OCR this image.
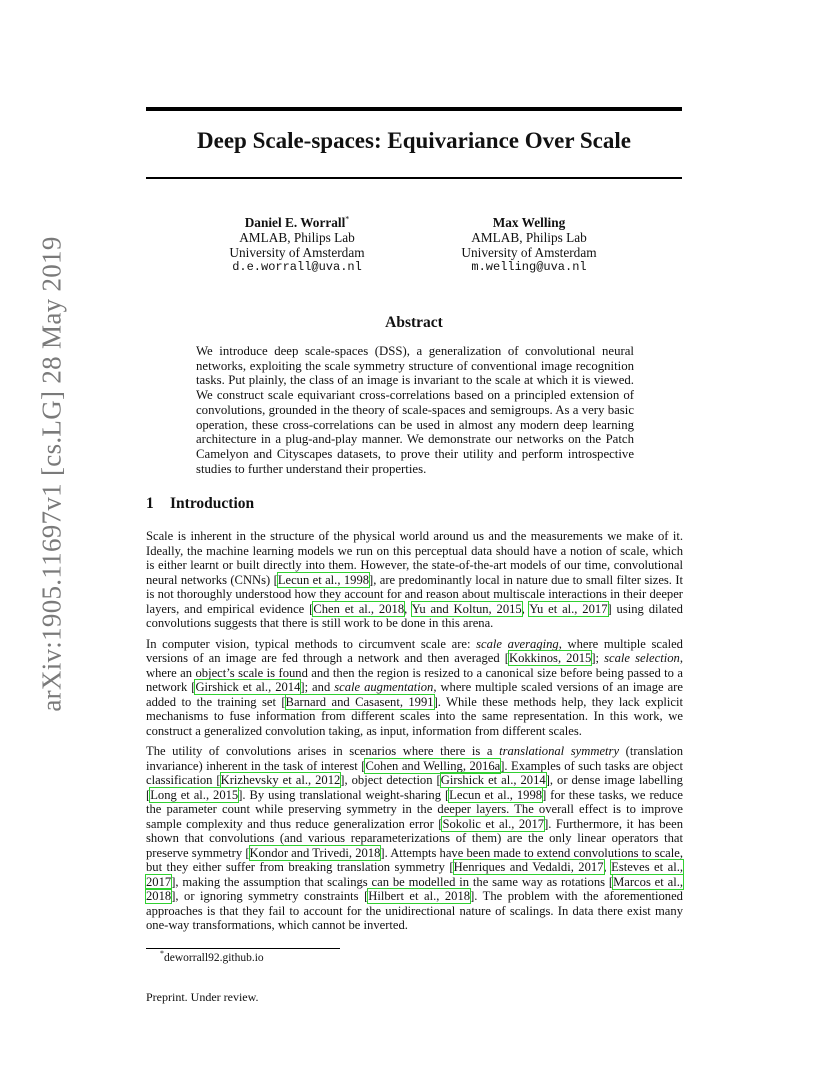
Deep Scale-spaces: Equivariance Over Scale
arXiv:1905.11697v1 [cs.LG] 28 May 2019
Daniel E. Worrall*
AMLAB, Philips Lab
University of Amsterdam
d.e.worrall@uva.nl
Max Welling
AMLAB, Philips Lab
University of Amsterdam
m.welling@uva.nl
Abstract
We introduce deep scale-spaces (DSS), a generalization of convolutional neural networks, exploiting the scale symmetry structure of conventional image recognition tasks. Put plainly, the class of an image is invariant to the scale at which it is viewed. We construct scale equivariant cross-correlations based on a principled extension of convolutions, grounded in the theory of scale-spaces and semigroups. As a very basic operation, these cross-correlations can be used in almost any modern deep learning architecture in a plug-and-play manner. We demonstrate our networks on the Patch Camelyon and Cityscapes datasets, to prove their utility and perform introspective studies to further understand their properties.
1 Introduction

Scale is inherent in the structure of the physical world around us and the measurements we make of it. Ideally, the machine learning models we run on this perceptual data should have a notion of scale, which is either learnt or built directly into them. However, the state-of-the-art models of our time, convolutional neural networks (CNNs) [Lecun et al., 1998], are predominantly local in nature due to small filter sizes. It is not thoroughly understood how they account for and reason about multiscale interactions in their deeper layers, and empirical evidence [Chen et al., 2018, Yu and Koltun, 2015, Yu et al., 2017] using dilated convolutions suggests that there is still work to be done in this arena.

In computer vision, typical methods to circumvent scale are: scale averaging, where multiple scaled versions of an image are fed through a network and then averaged [Kokkinos, 2015]; scale selection, where an object’s scale is found and then the region is resized to a canonical size before being passed to a network [Girshick et al., 2014]; and scale augmentation, where multiple scaled versions of an image are added to the training set [Barnard and Casasent, 1991]. While these methods help, they lack explicit mechanisms to fuse information from different scales into the same representation. In this work, we construct a generalized convolution taking, as input, information from different scales.

The utility of convolutions arises in scenarios where there is a translational symmetry (translation invariance) inherent in the task of interest [Cohen and Welling, 2016a]. Examples of such tasks are object classification [Krizhevsky et al., 2012], object detection [Girshick et al., 2014], or dense image labelling [Long et al., 2015]. By using translational weight-sharing [Lecun et al., 1998] for these tasks, we reduce the parameter count while preserving symmetry in the deeper layers. The overall effect is to improve sample complexity and thus reduce generalization error [Sokolic et al., 2017]. Furthermore, it has been shown that convolutions (and various reparameterizations of them) are the only linear operators that preserve symmetry [Kondor and Trivedi, 2018]. Attempts have been made to extend convolutions to scale, but they either suffer from breaking translation symmetry [Henriques and Vedaldi, 2017, Esteves et al., 2017], making the assumption that scalings can be modelled in the same way as rotations [Marcos et al., 2018], or ignoring symmetry constraints [Hilbert et al., 2018]. The problem with the aforementioned approaches is that they fail to account for the unidirectional nature of scalings. In data there exist many one-way transformations, which cannot be inverted.

*deworrall92.github.io
Preprint. Under review.
